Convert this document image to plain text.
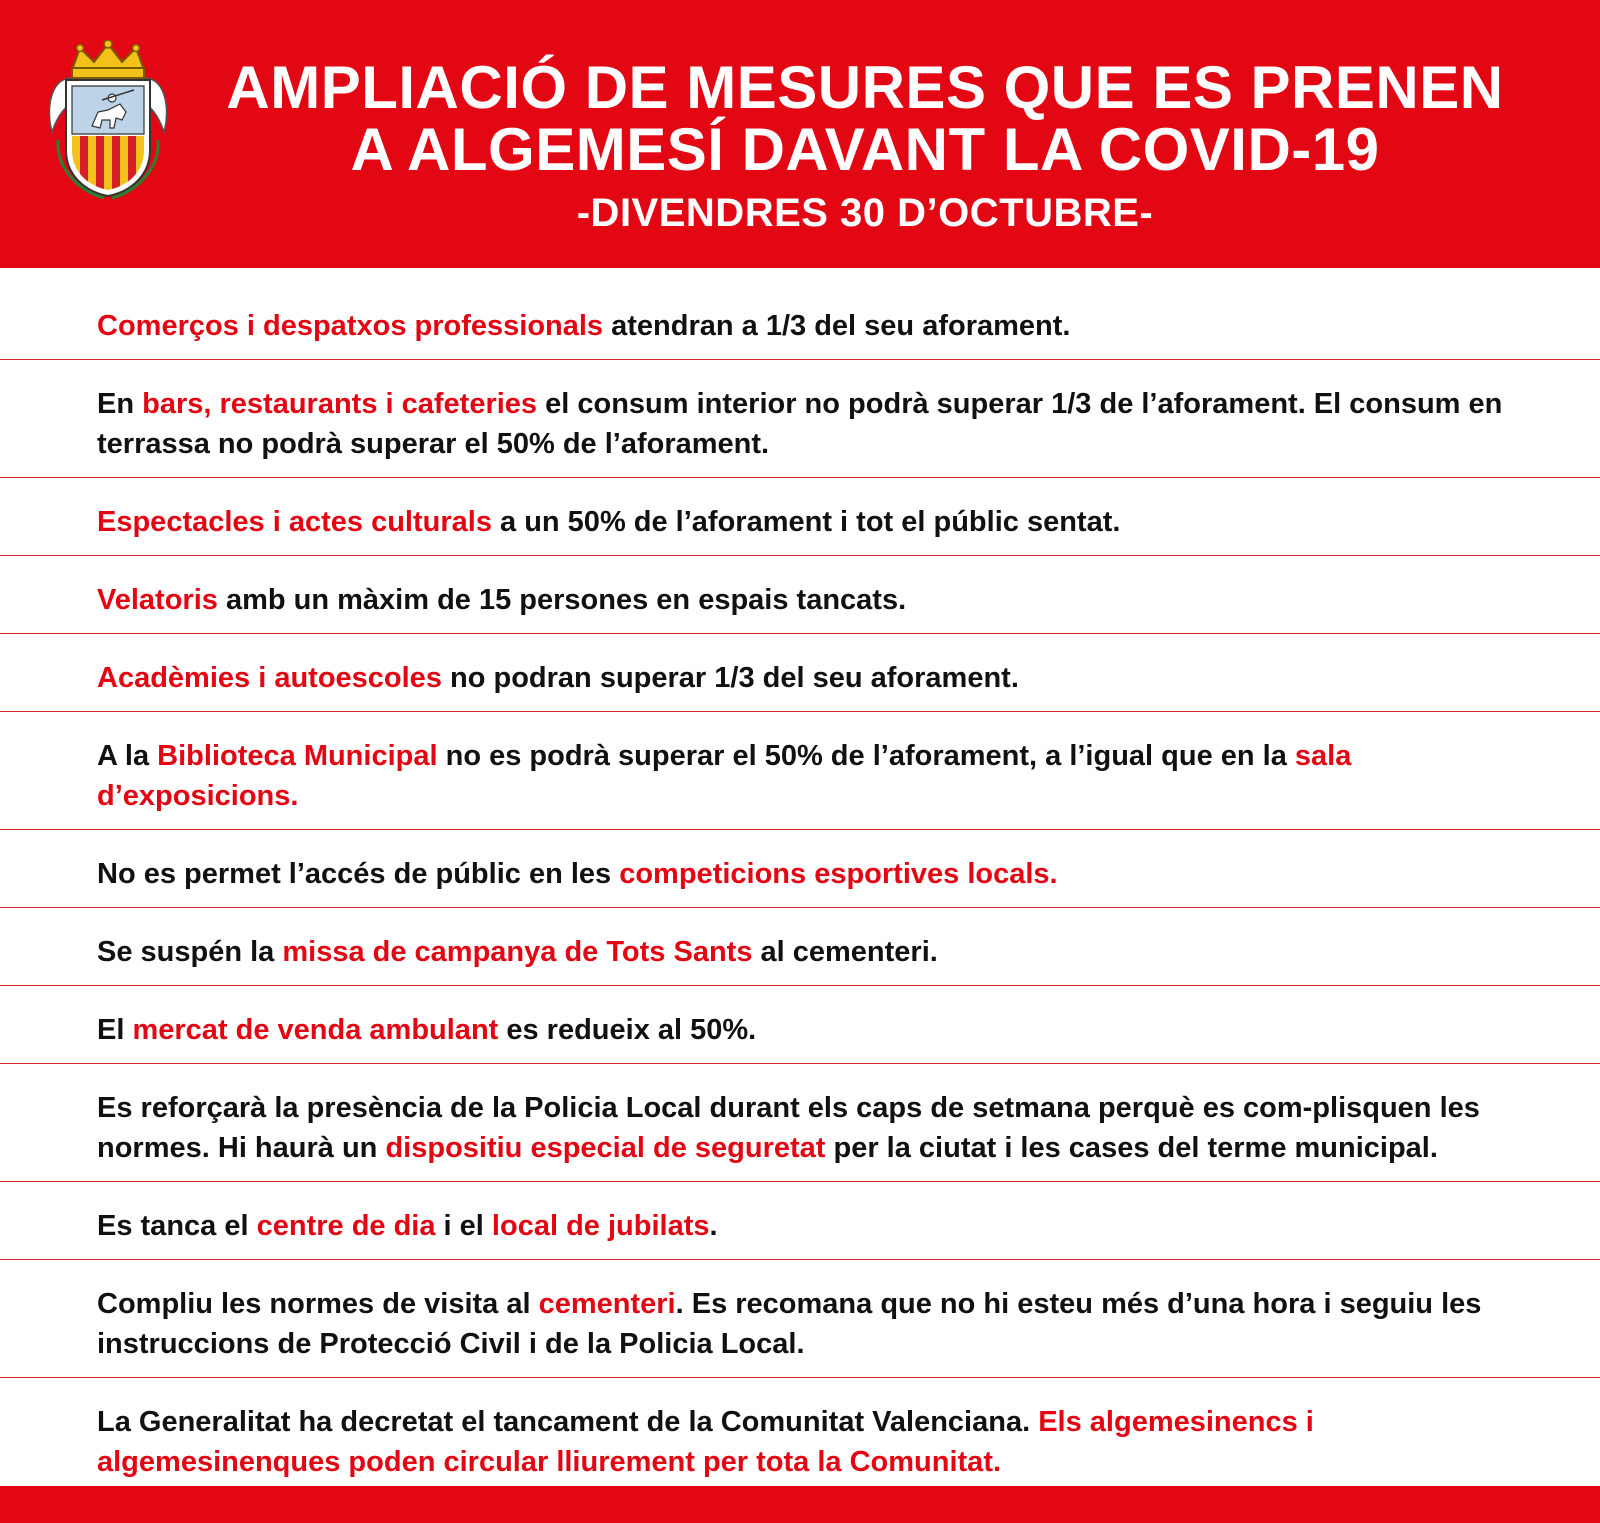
AMPLIACIÓ DE MESURES QUE ES PRENEN
A ALGEMESÍ DAVANT LA COVID-19
-DIVENDRES 30 D’OCTUBRE-
Comerços i despatxos professionals atendran a 1/3 del seu aforament.
En bars, restaurants i cafeteries el consum interior no podrà superar 1/3 de l’aforament. El consum en terrassa no podrà superar el 50% de l’aforament.
Espectacles i actes culturals a un 50% de l’aforament i tot el públic sentat.
Velatoris amb un màxim de 15 persones en espais tancats.
Acadèmies i autoescoles no podran superar 1/3 del seu aforament.
A la Biblioteca Municipal no es podrà superar el 50% de l’aforament, a l’igual que en la sala d’exposicions.
No es permet l’accés de públic en les competicions esportives locals.
Se suspén la missa de campanya de Tots Sants al cementeri.
El mercat de venda ambulant es redueix al 50%.
Es reforçarà la presència de la Policia Local durant els caps de setmana perquè es com-plisquen les normes. Hi haurà un dispositiu especial de seguretat per la ciutat i les cases del terme municipal.
Es tanca el centre de dia i el local de jubilats.
Compliu les normes de visita al cementeri. Es recomana que no hi esteu més d’una hora i seguiu les instruccions de Protecció Civil i de la Policia Local.
La Generalitat ha decretat el tancament de la Comunitat Valenciana. Els algemesinencs i algemesinenques poden circular lliurement per tota la Comunitat.
